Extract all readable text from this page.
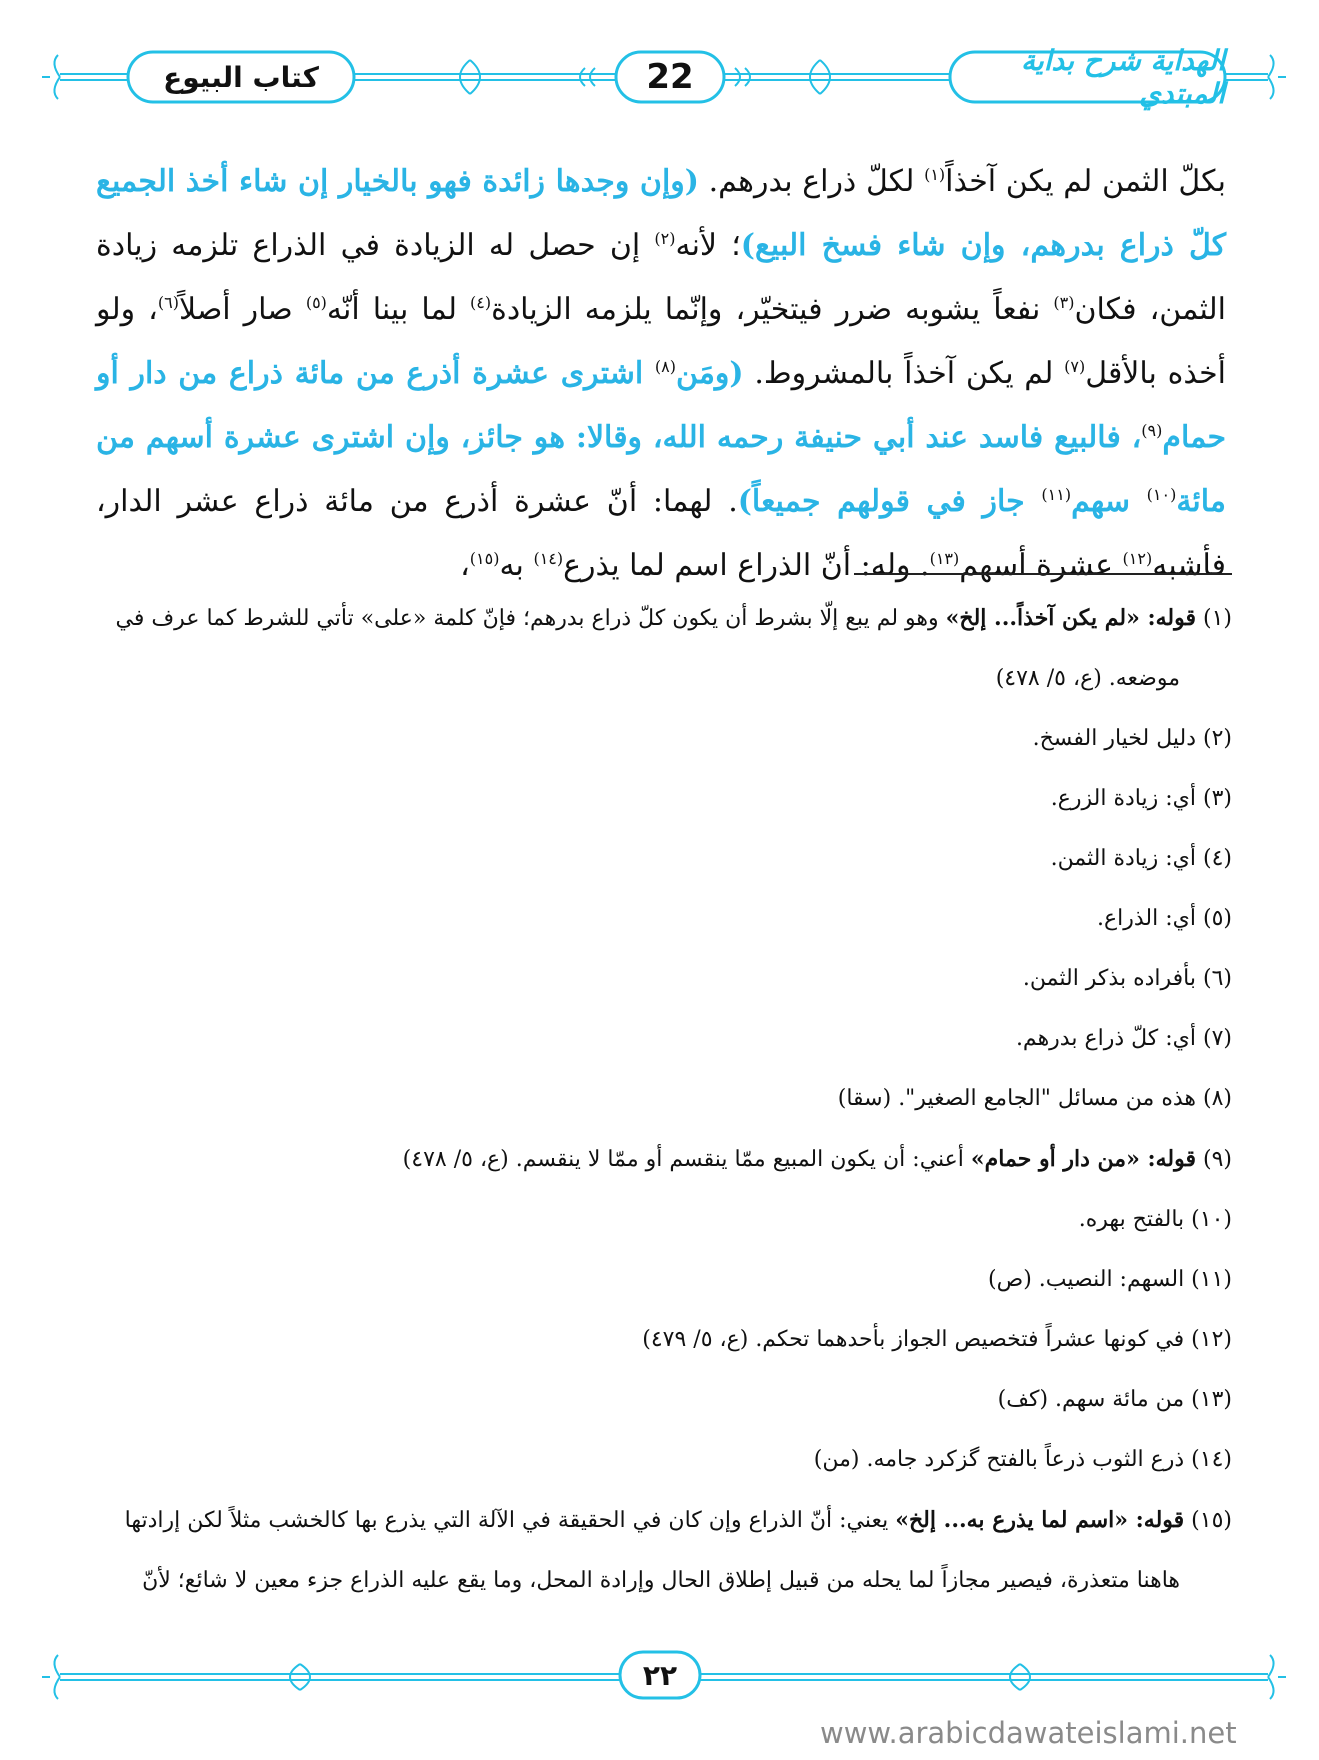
كتاب البيوع	22	الهداية شرح بداية المبتدي

بكلّ الثمن لم يكن آخذاً$^{(١)}$ لكلّ ذراع بدرهم. (وإن وجدها زائدة فهو بالخيار إن شاء أخذ الجميع كلّ ذراع بدرهم، وإن شاء فسخ البيع)؛ لأنه$^{(٢)}$ إن حصل له الزيادة في الذراع تلزمه زيادة الثمن، فكان$^{(٣)}$ نفعاً يشوبه ضرر فيتخيّر، وإنّما يلزمه الزيادة$^{(٤)}$ لما بينا أنّه$^{(٥)}$ صار أصلاً$^{(٦)}$، ولو أخذه بالأقل$^{(٧)}$ لم يكن آخذاً بالمشروط. (ومَن$^{(٨)}$ اشترى عشرة أذرع من مائة ذراع من دار أو حمام$^{(٩)}$، فالبيع فاسد عند أبي حنيفة رحمه الله، وقالا: هو جائز، وإن اشترى عشرة أسهم من مائة$^{(١٠)}$ سهم$^{(١١)}$ جاز في قولهم جميعاً). لهما: أنّ عشرة أذرع من مائة ذراع عشر الدار، فأشبه$^{(١٢)}$ عشرة أسهم$^{(١٣)}$. وله: أنّ الذراع اسم لما يذرع$^{(١٤)}$ به$^{(١٥)}$،

(١) قوله: «لم يكن آخذاً... إلخ» وهو لم يبع إلّا بشرط أن يكون كلّ ذراع بدرهم؛ فإنّ كلمة «على» تأتي للشرط كما عرف في
موضعه. (ع، ٥/ ٤٧٨)

(٢) دليل لخيار الفسخ.

(٣) أي: زيادة الزرع.

(٤) أي: زيادة الثمن.

(٥) أي: الذراع.

(٦) بأفراده بذكر الثمن.

(٧) أي: كلّ ذراع بدرهم.

(٨) هذه من مسائل "الجامع الصغير". (سقا)

(٩) قوله: «من دار أو حمام» أعني: أن يكون المبيع ممّا ينقسم أو ممّا لا ينقسم. (ع، ٥/ ٤٧٨)

(١٠) بالفتح بهره.

(١١) السهم: النصيب. (ص)

(١٢) في كونها عشراً فتخصيص الجواز بأحدهما تحكم. (ع، ٥/ ٤٧٩)

(١٣) من مائة سهم. (كف)

(١٤) ذرع الثوب ذرعاً بالفتح گزكرد جامه. (من)

(١٥) قوله: «اسم لما يذرع به... إلخ» يعني: أنّ الذراع وإن كان في الحقيقة في الآلة التي يذرع بها كالخشب مثلاً لكن إرادتها
هاهنا متعذرة، فيصير مجازاً لما يحله من قبيل إطلاق الحال وإرادة المحل، وما يقع عليه الذراع جزء معين لا شائع؛ لأنّ

٢٢
www.arabicdawateislami.net
